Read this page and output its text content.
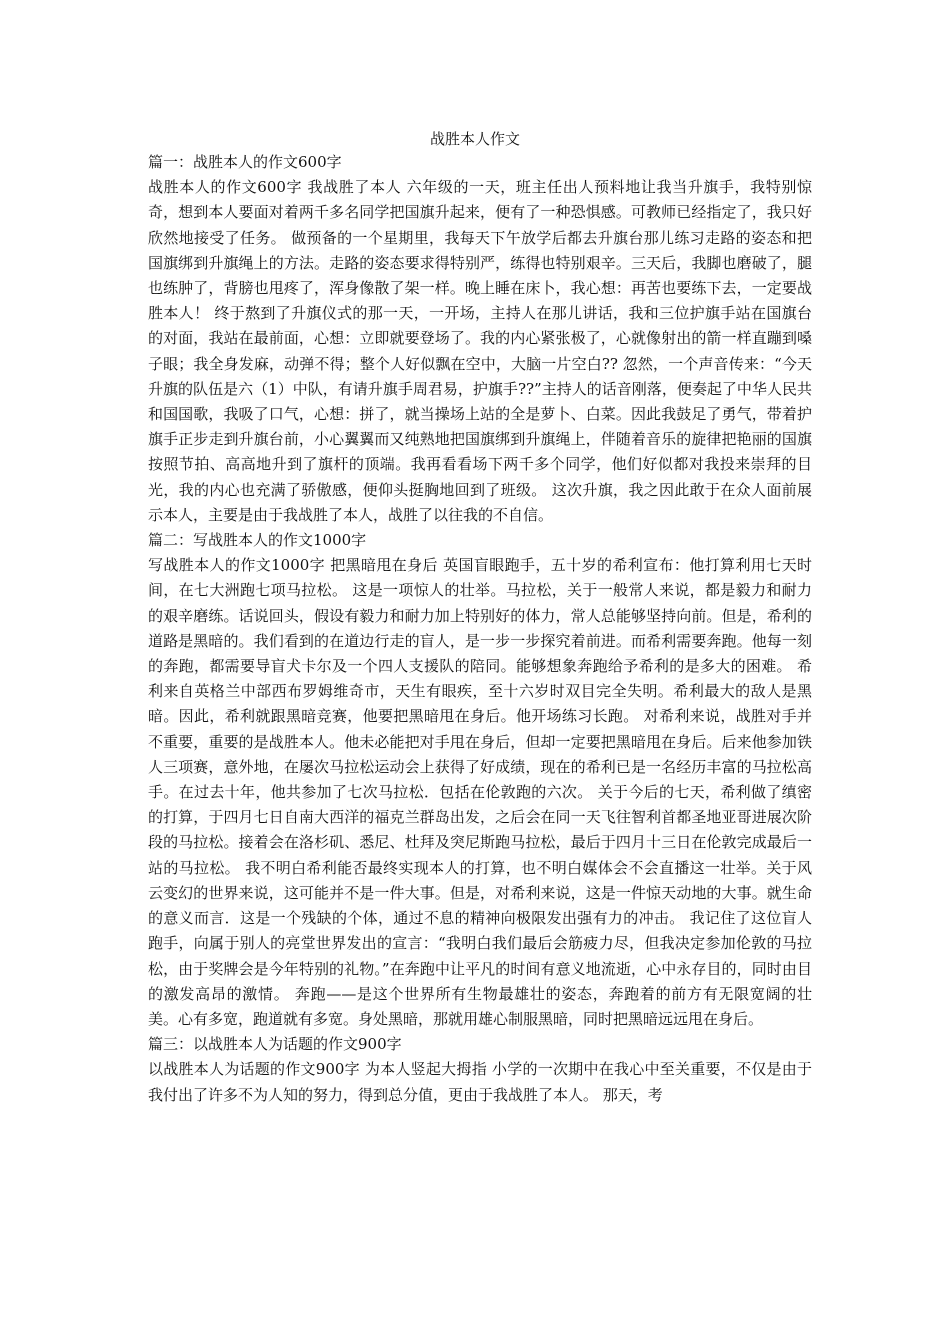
战胜本人作文

篇一：战胜本人的作文600字

战胜本人的作文600字 我战胜了本人 六年级的一天，班主任出人预料地让我当升旗手，我特别惊奇，想到本人要面对着两千多名同学把国旗升起来，便有了一种恐惧感。可教师已经指定了，我只好欣然地接受了任务。 做预备的一个星期里，我每天下午放学后都去升旗台那儿练习走路的姿态和把国旗绑到升旗绳上的方法。走路的姿态要求得特别严，练得也特别艰辛。三天后，我脚也磨破了，腿也练肿了，背膀也甩疼了，浑身像散了架一样。晚上睡在床卜，我心想：再苦也要练下去，一定要战胜本人！ 终于熬到了升旗仪式的那一天，一开场，主持人在那儿讲话，我和三位护旗手站在国旗台的对面，我站在最前面，心想：立即就要登场了。我的内心紧张极了，心就像射出的箭一样直蹦到嗓子眼；我全身发麻，动弹不得；整个人好似飘在空中，大脑一片空白?? 忽然，一个声音传来：“今天升旗的队伍是六（1）中队，有请升旗手周君易，护旗手??”主持人的话音刚落，便奏起了中华人民共和国国歌，我吸了口气，心想：拼了，就当操场上站的全是萝卜、白菜。因此我鼓足了勇气，带着护旗手正步走到升旗台前，小心翼翼而又纯熟地把国旗绑到升旗绳上，伴随着音乐的旋律把艳丽的国旗按照节拍、高高地升到了旗杆的顶端。我再看看场下两千多个同学，他们好似都对我投来崇拜的目光，我的内心也充满了骄傲感，便仰头挺胸地回到了班级。 这次升旗，我之因此敢于在众人面前展示本人，主要是由于我战胜了本人，战胜了以往我的不自信。

篇二：写战胜本人的作文1000字

写战胜本人的作文1000字 把黑暗甩在身后 英国盲眼跑手，五十岁的希利宣布：他打算利用七天时间，在七大洲跑七项马拉松。 这是一项惊人的壮举。马拉松，关于一般常人来说，都是毅力和耐力的艰辛磨练。话说回头，假设有毅力和耐力加上特别好的体力，常人总能够坚持向前。但是，希利的道路是黑暗的。我们看到的在道边行走的盲人，是一步一步探究着前进。而希利需要奔跑。他每一刻的奔跑，都需要导盲犬卡尔及一个四人支援队的陪同。能够想象奔跑给予希利的是多大的困难。 希利来自英格兰中部西布罗姆维奇市，天生有眼疾，至十六岁时双目完全失明。希利最大的敌人是黑暗。因此，希利就跟黑暗竞赛，他要把黑暗甩在身后。他开场练习长跑。 对希利来说，战胜对手并不重要，重要的是战胜本人。他未必能把对手甩在身后，但却一定要把黑暗甩在身后。后来他参加铁人三项赛，意外地，在屡次马拉松运动会上获得了好成绩，现在的希利已是一名经历丰富的马拉松高手。在过去十年，他共参加了七次马拉松．包括在伦敦跑的六次。 关于今后的七天，希利做了缜密的打算，于四月七日自南大西洋的福克兰群岛出发，之后会在同一天飞往智利首都圣地亚哥进展次阶段的马拉松。接着会在洛杉矶、悉尼、杜拜及突尼斯跑马拉松，最后于四月十三日在伦敦完成最后一站的马拉松。 我不明白希利能否最终实现本人的打算，也不明白媒体会不会直播这一壮举。关于风云变幻的世界来说，这可能并不是一件大事。但是，对希利来说，这是一件惊天动地的大事。就生命的意义而言．这是一个残缺的个体，通过不息的精神向极限发出强有力的冲击。 我记住了这位盲人跑手，向属于别人的亮堂世界发出的宣言：“我明白我们最后会筋疲力尽，但我决定参加伦敦的马拉松，由于奖牌会是今年特别的礼物。”在奔跑中让平凡的时间有意义地流逝，心中永存目的，同时由目的激发高昂的激情。 奔跑——是这个世界所有生物最雄壮的姿态，奔跑着的前方有无限宽阔的壮美。心有多宽，跑道就有多宽。身处黑暗，那就用雄心制服黑暗，同时把黑暗远远甩在身后。

篇三：以战胜本人为话题的作文900字

以战胜本人为话题的作文900字 为本人竖起大拇指 小学的一次期中在我心中至关重要，不仅是由于我付出了许多不为人知的努力，得到总分值，更由于我战胜了本人。 那天，考
